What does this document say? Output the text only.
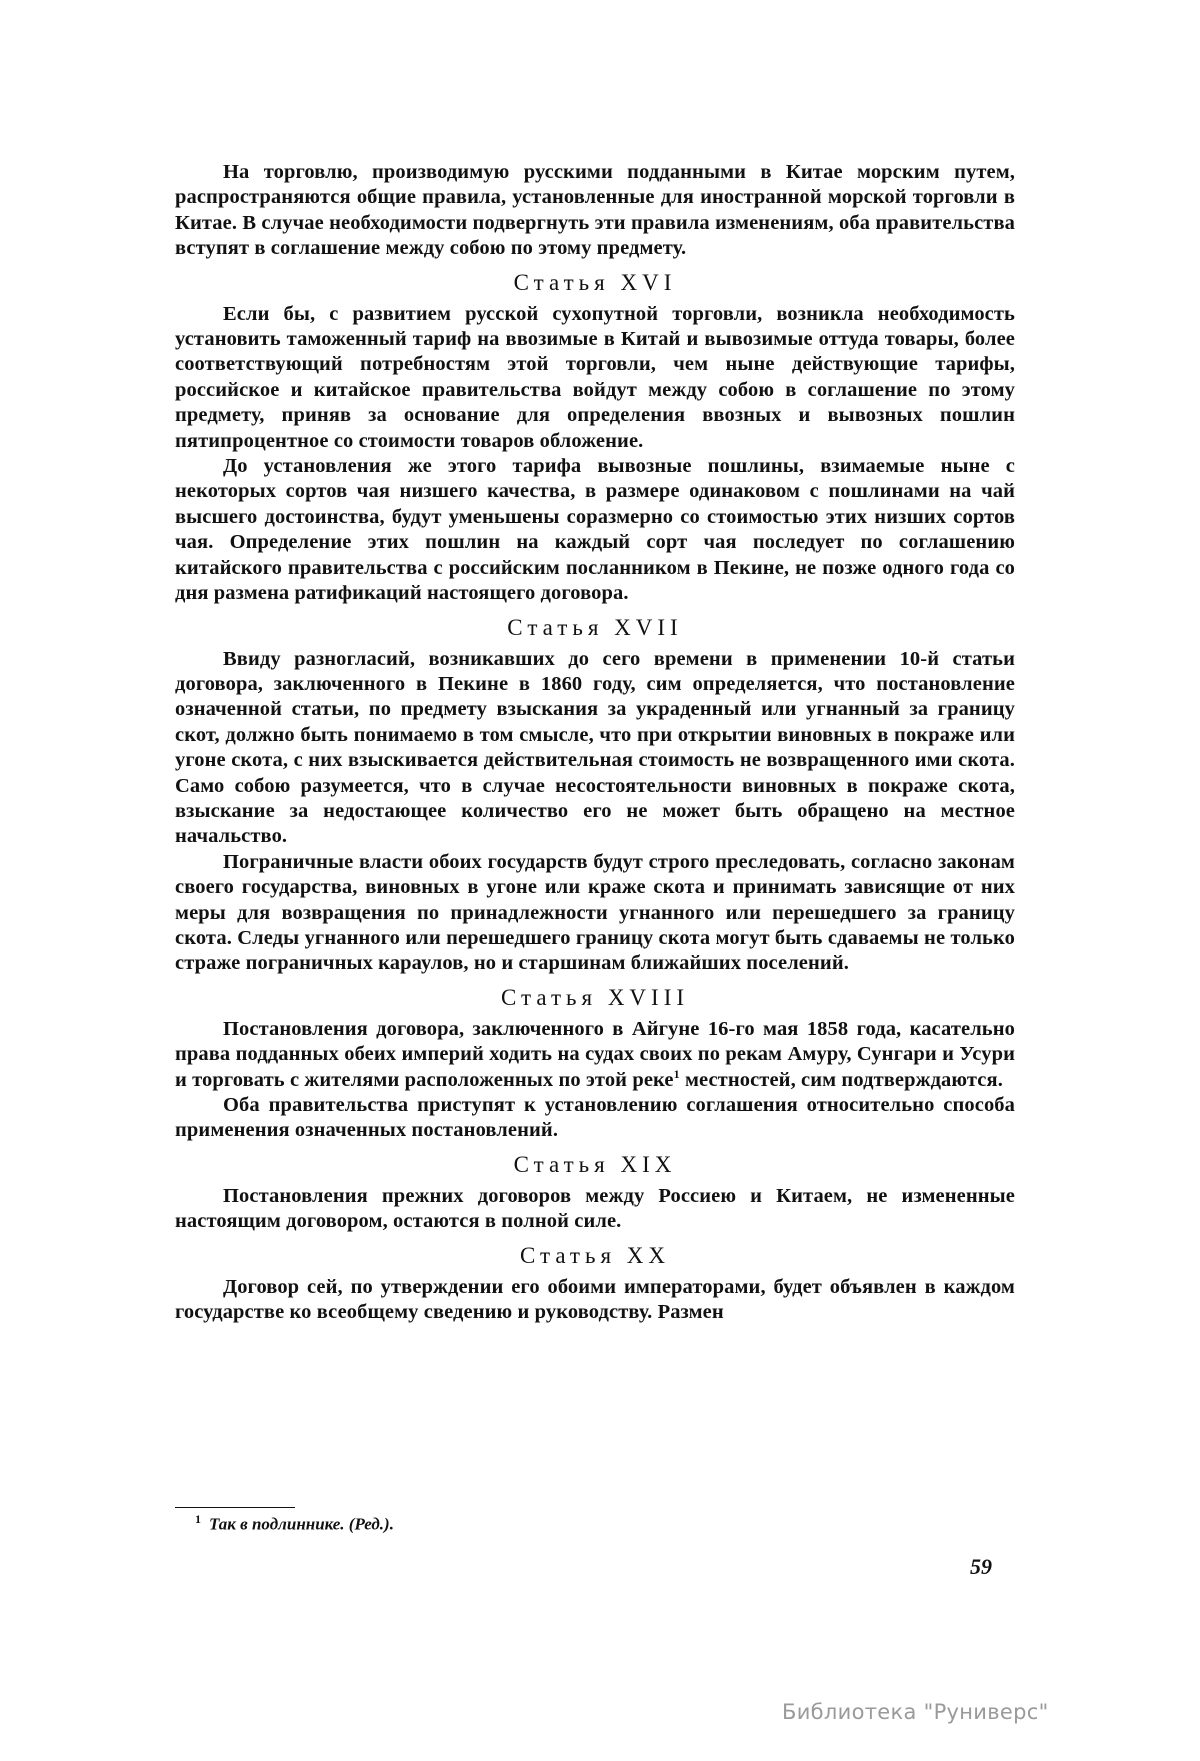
На торговлю, производимую русскими подданными в Китае морским путем, распространяются общие правила, установленные для иностранной морской торговли в Китае. В случае необходимости подвергнуть эти правила изменениям, оба правительства вступят в соглашение между собою по этому предмету.

Статья XVI

Если бы, с развитием русской сухопутной торговли, возникла необходимость установить таможенный тариф на ввозимые в Китай и вывозимые оттуда товары, более соответствующий потребностям этой торговли, чем ныне действующие тарифы, российское и китайское правительства войдут между собою в соглашение по этому предмету, приняв за основание для определения ввозных и вывозных пошлин пятипроцентное со стоимости товаров обложение.

До установления же этого тарифа вывозные пошлины, взимаемые ныне с некоторых сортов чая низшего качества, в размере одинаковом с пошлинами на чай высшего достоинства, будут уменьшены соразмерно со стоимостью этих низших сортов чая. Определение этих пошлин на каждый сорт чая последует по соглашению китайского правительства с российским посланником в Пекине, не позже одного года со дня размена ратификаций настоящего договора.

Статья XVII

Ввиду разногласий, возникавших до сего времени в применении 10-й статьи договора, заключенного в Пекине в 1860 году, сим определяется, что постановление означенной статьи, по предмету взыскания за украденный или угнанный за границу скот, должно быть понимаемо в том смысле, что при открытии виновных в покраже или угоне скота, с них взыскивается действительная стоимость не возвращенного ими скота. Само собою разумеется, что в случае несостоятельности виновных в покраже скота, взыскание за недостающее количество его не может быть обращено на местное начальство.

Пограничные власти обоих государств будут строго преследовать, согласно законам своего государства, виновных в угоне или краже скота и принимать зависящие от них меры для возвращения по принадлежности угнанного или перешедшего за границу скота. Следы угнанного или перешедшего границу скота могут быть сдаваемы не только страже пограничных караулов, но и старшинам ближайших поселений.

Статья XVIII

Постановления договора, заключенного в Айгуне 16-го мая 1858 года, касательно права подданных обеих империй ходить на судах своих по рекам Амуру, Сунгари и Усури и торговать с жителями расположенных по этой реке$^1$ местностей, сим подтверждаются.

Оба правительства приступят к установлению соглашения относительно способа применения означенных постановлений.

Статья XIX

Постановления прежних договоров между Россиею и Китаем, не измененные настоящим договором, остаются в полной силе.

Статья XX

Договор сей, по утверждении его обоими императорами, будет объявлен в каждом государстве ко всеобщему сведению и руководству. Размен

$^1$ Так в подлиннике. (Ред.).
59
Библиотека "Руниверс"
